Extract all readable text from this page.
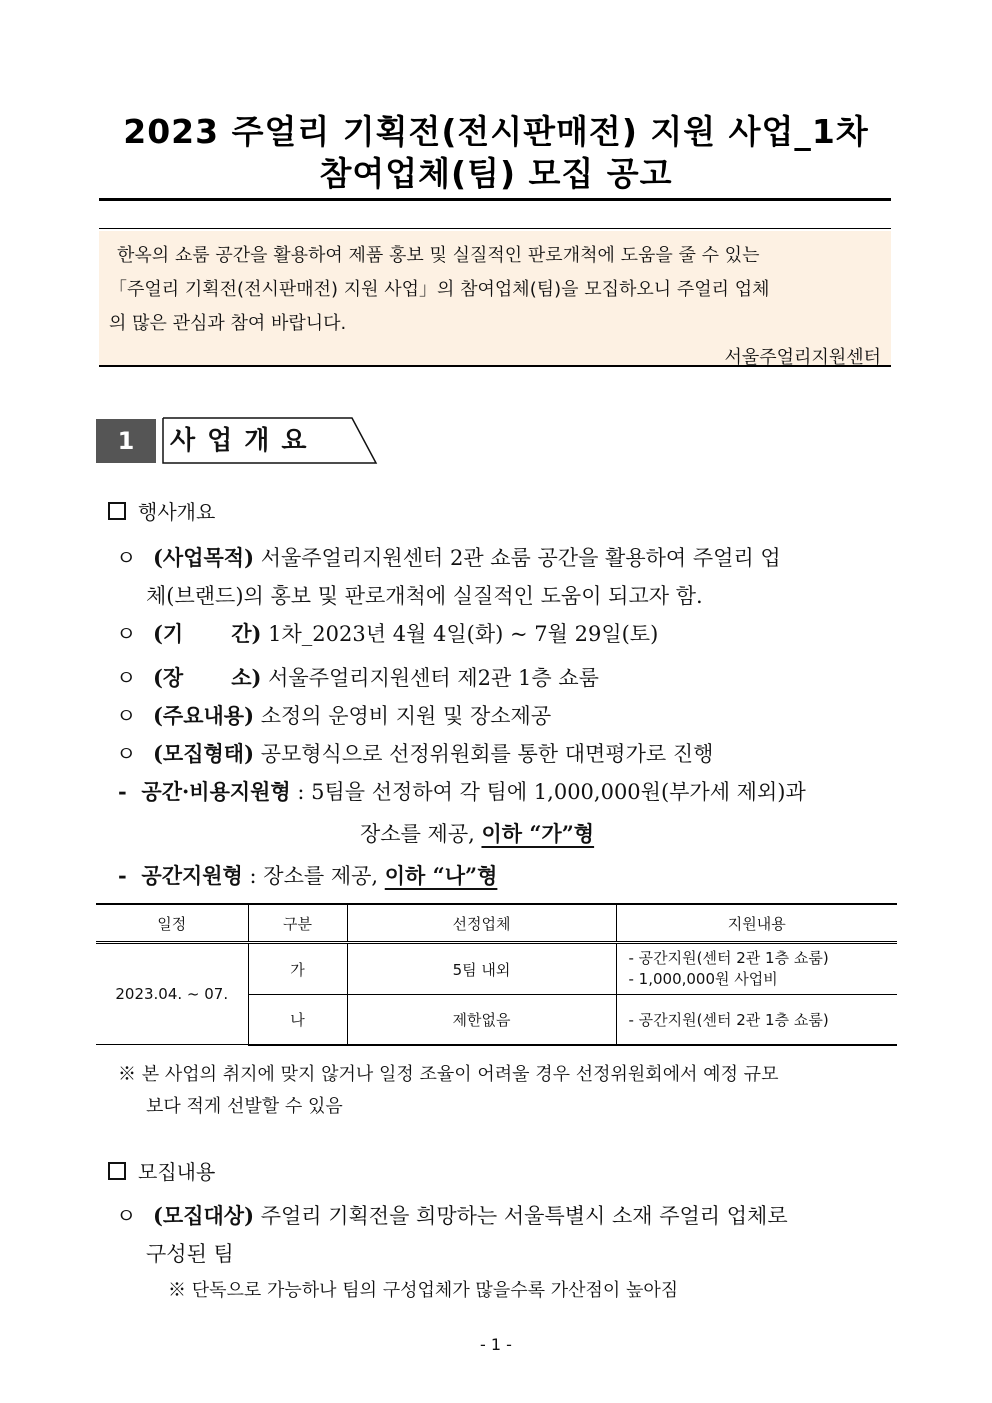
2023 주얼리 기획전(전시판매전) 지원 사업_1차
참여업체(팀) 모집 공고
한옥의 쇼룸 공간을 활용하여 제품 홍보 및 실질적인 판로개척에 도움을 줄 수 있는
「주얼리 기획전(전시판매전) 지원 사업」의 참여업체(팀)을 모집하오니 주얼리 업체
의 많은 관심과 참여 바랍니다.
서울주얼리지원센터
1	사업개요
행사개요
ㅇ (사업목적) 서울주얼리지원센터 2관 쇼룸 공간을 활용하여 주얼리 업
체(브랜드)의 홍보 및 판로개척에 실질적인 도움이 되고자 함.
ㅇ (기 간) 1차_2023년 4월 4일(화) ~ 7월 29일(토)
ㅇ (장 소) 서울주얼리지원센터 제2관 1층 쇼룸
ㅇ (주요내용) 소정의 운영비 지원 및 장소제공
ㅇ (모집형태) 공모형식으로 선정위원회를 통한 대면평가로 진행
- 공간·비용지원형 : 5팀을 선정하여 각 팀에 1,000,000원(부가세 제외)과
장소를 제공, 이하 “가”형
- 공간지원형 : 장소를 제공, 이하 “나”형
일정	구분	선정업체	지원내용
2023.04. ~ 07.	가	5팀 내외	- 공간지원(센터 2관 1층 쇼룸)
- 1,000,000원 사업비

	나	제한없음	- 공간지원(센터 2관 1층 쇼룸)
※ 본 사업의 취지에 맞지 않거나 일정 조율이 어려울 경우 선정위원회에서 예정 규모
보다 적게 선발할 수 있음
모집내용
ㅇ (모집대상) 주얼리 기획전을 희망하는 서울특별시 소재 주얼리 업체로
구성된 팀
※ 단독으로 가능하나 팀의 구성업체가 많을수록 가산점이 높아짐
- 1 -
